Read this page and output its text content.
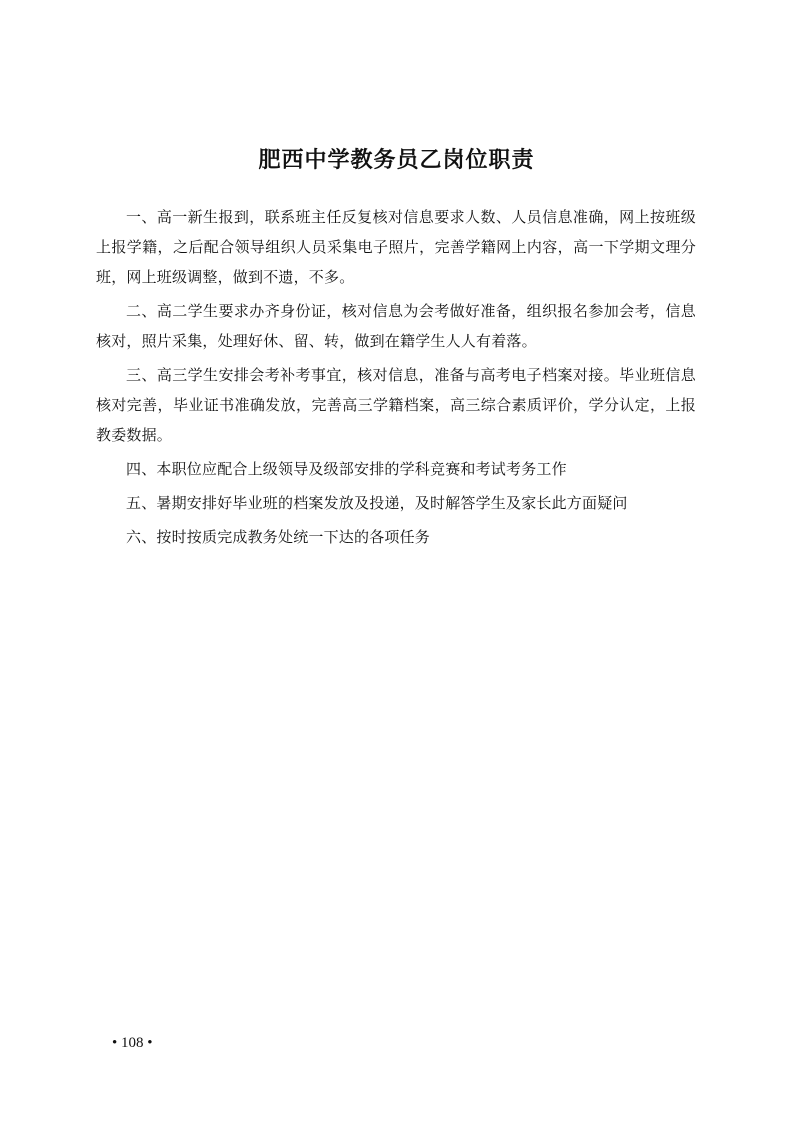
肥西中学教务员乙岗位职责

一、高一新生报到，联系班主任反复核对信息要求人数、人员信息准确，网上按班级上报学籍，之后配合领导组织人员采集电子照片，完善学籍网上内容，高一下学期文理分班，网上班级调整，做到不遗，不多。

二、高二学生要求办齐身份证，核对信息为会考做好准备，组织报名参加会考，信息核对，照片采集，处理好休、留、转，做到在籍学生人人有着落。

三、高三学生安排会考补考事宜，核对信息，准备与高考电子档案对接。毕业班信息核对完善，毕业证书准确发放，完善高三学籍档案，高三综合素质评价，学分认定，上报教委数据。

四、本职位应配合上级领导及级部安排的学科竞赛和考试考务工作

五、暑期安排好毕业班的档案发放及投递，及时解答学生及家长此方面疑问

六、按时按质完成教务处统一下达的各项任务

• 108 •
